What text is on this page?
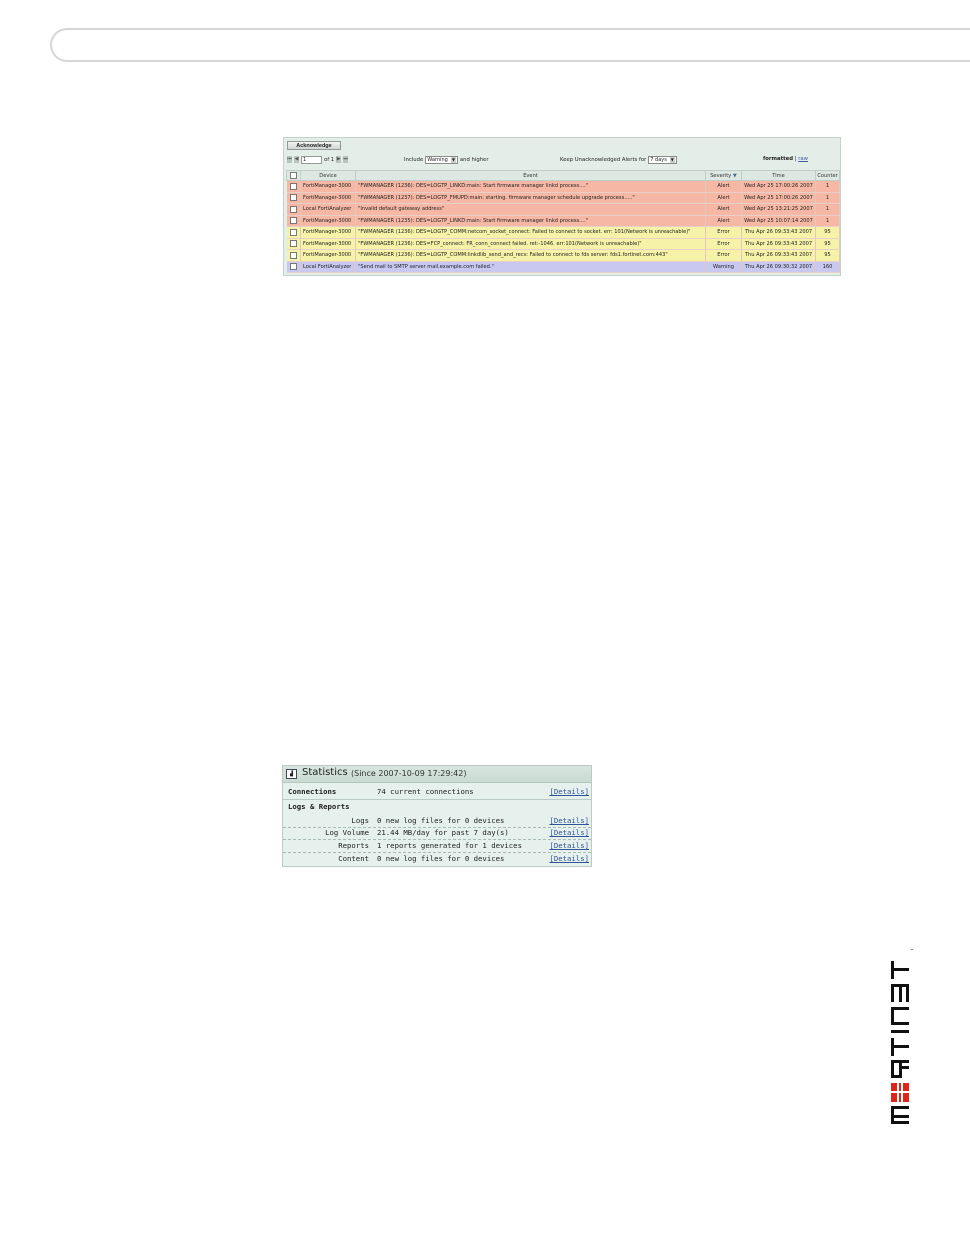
Acknowledge
⏮ ◀ 1	of 1 ▶ ⏭	Include Warning ▼ and higher	Keep Unacknowledged Alerts for 7 days ▼	formatted | raw
	Device	Event	Severity ▼	Time	Counter

	FortiManager-3000	"FWMANAGER (1236): DES=LOGTP_LINKD:main: Start firmware manager linkd process...."	Alert	Wed Apr 25 17:00:26 2007	1

	FortiManager-3000	"FWMANAGER (1237): DES=LOGTP_FMUPD:main: starting. firmware manager schedule upgrade process....."	Alert	Wed Apr 25 17:00:26 2007	1

	Local FortiAnalyzer	"Invalid default gateway address"	Alert	Wed Apr 25 13:21:25 2007	1

	FortiManager-3000	"FWMANAGER (1235): DES=LOGTP_LINKD:main: Start firmware manager linkd process...."	Alert	Wed Apr 25 10:07:14 2007	1

	FortiManager-3000	"FWMANAGER (1236): DES=LOGTP_COMM:netcom_socket_connect: Failed to connect to socket. err: 101(Network is unreachable)"	Error	Thu Apr 26 09:33:43 2007	95

	FortiManager-3000	"FWMANAGER (1236): DES=FCP_connect: FR_conn_connect failed. ret:-1046. err:101(Network is unreachable)"	Error	Thu Apr 26 09:33:43 2007	95

	FortiManager-3000	"FWMANAGER (1236): DES=LOGTP_COMM:linkdlib_send_and_recv: Failed to connect to fds server: fds1.fortinet.com:443"	Error	Thu Apr 26 09:33:43 2007	95

	Local FortiAnalyzer	"Send mail to SMTP server mail.example.com failed."	Warning	Thu Apr 26 09:30:32 2007	160
▟ Statistics (Since 2007-10-09 17:29:42)
Connections	74 current connections	[Details]
Logs & Reports
Logs 0 new log files for 0 devices	[Details]
Log Volume 21.44 MB/day for past 7 day(s)	[Details]
Reports 1 reports generated for 1 devices	[Details]
Content 0 new log files for 0 devices	[Details]
™
